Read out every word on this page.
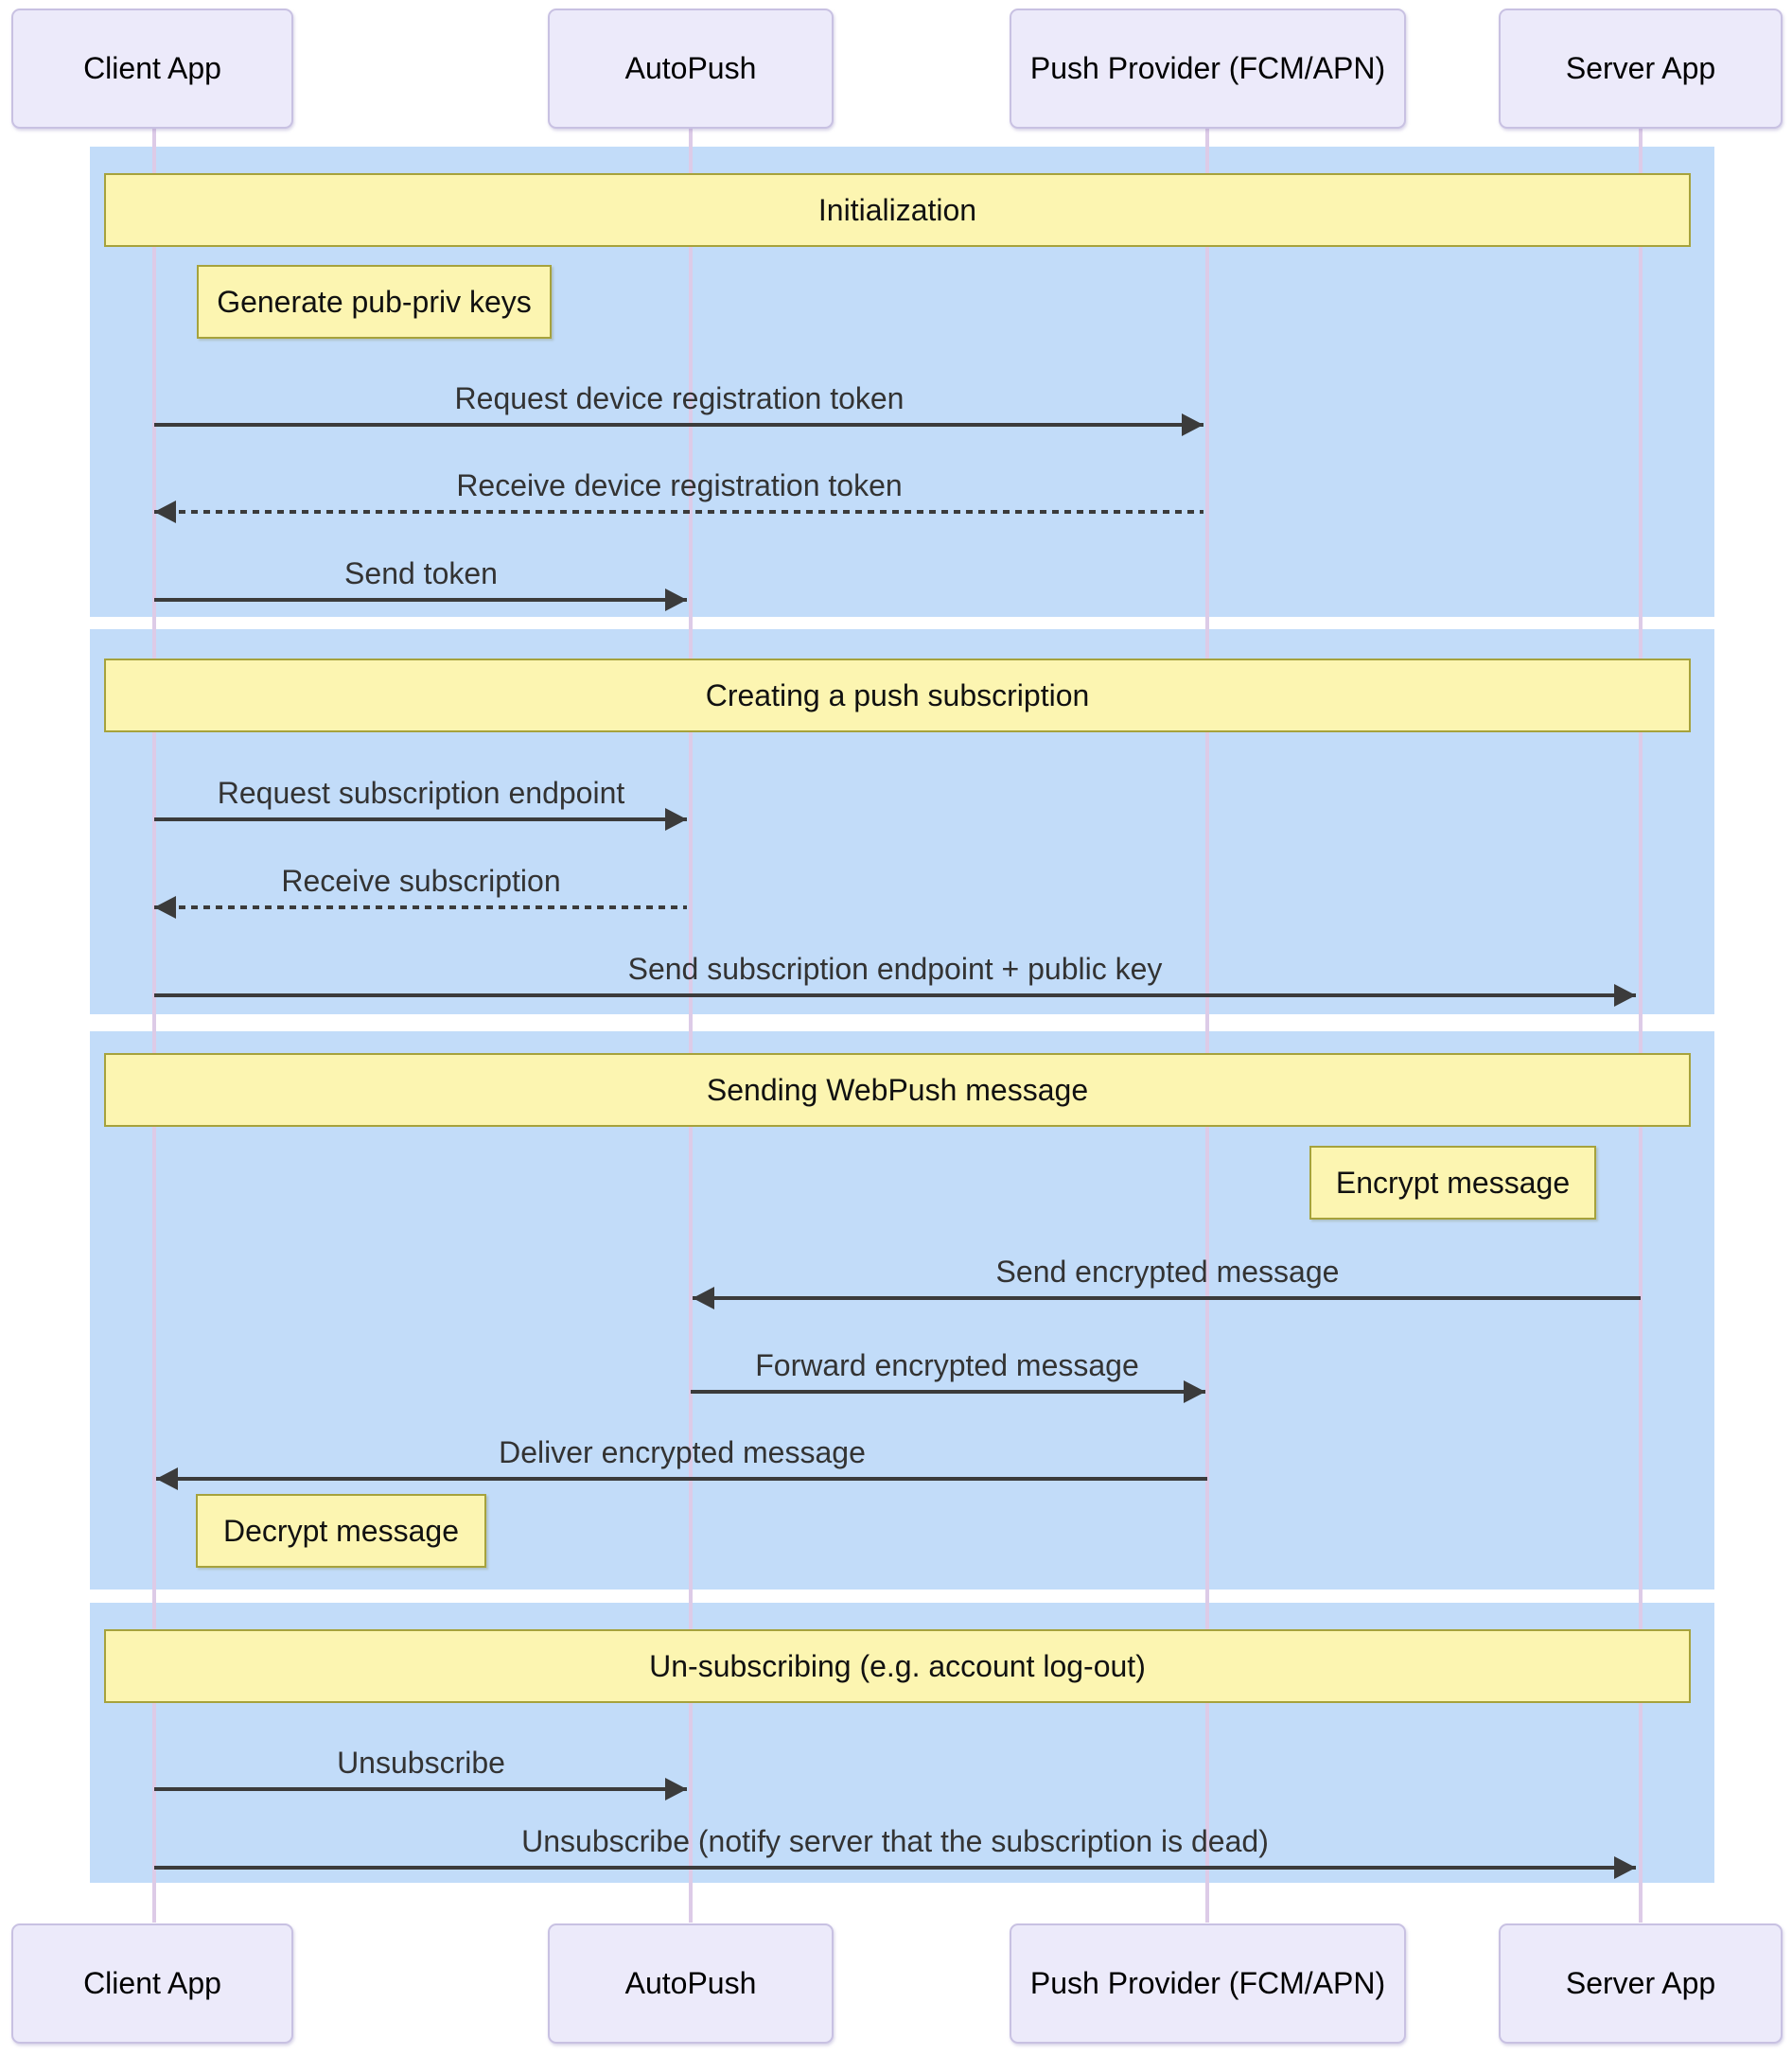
Initialization
Creating a push subscription
Sending WebPush message
Un-subscribing (e.g. account log-out)
Generate pub-priv keys
Encrypt message
Decrypt message
Request device registration token
Receive device registration token
Send token
Request subscription endpoint
Receive subscription
Send subscription endpoint + public key
Send encrypted message
Forward encrypted message
Deliver encrypted message
Unsubscribe
Unsubscribe (notify server that the subscription is dead)
Client App	AutoPush	Push Provider (FCM/APN)	Server App
Client App	AutoPush	Push Provider (FCM/APN)	Server App
